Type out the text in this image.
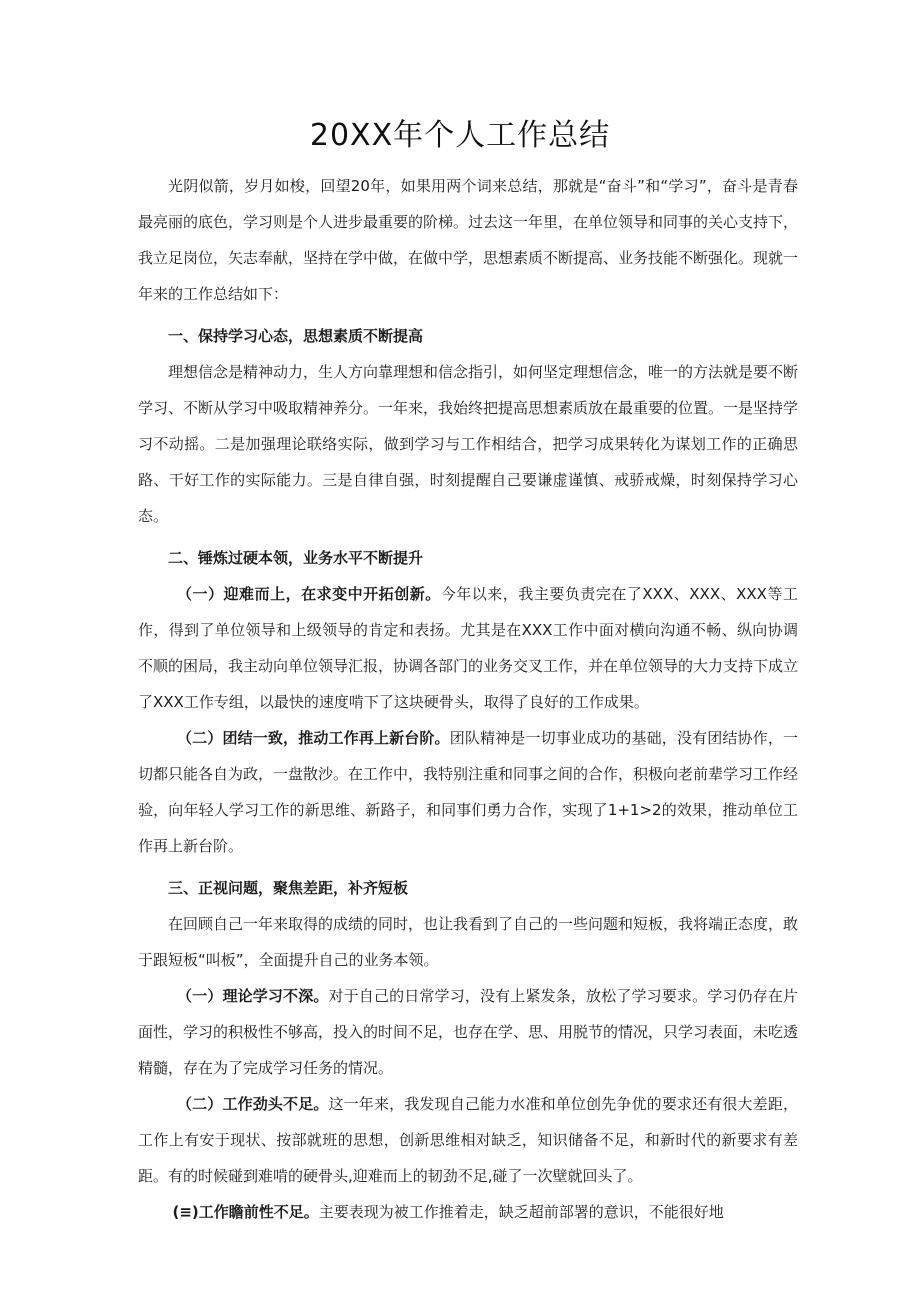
20XX年个人工作总结

光阴似箭，岁月如梭，回望20年，如果用两个词来总结，那就是“奋斗”和“学习”，奋斗是青春最亮丽的底色，学习则是个人进步最重要的阶梯。过去这一年里，在单位领导和同事的关心支持下，我立足岗位，矢志奉献，坚持在学中做，在做中学，思想素质不断提高、业务技能不断强化。现就一年来的工作总结如下：

一、保持学习心态，思想素质不断提高

理想信念是精神动力，生人方向靠理想和信念指引，如何坚定理想信念，唯一的方法就是要不断学习、不断从学习中吸取精神养分。一年来，我始终把提高思想素质放在最重要的位置。一是坚持学习不动摇。二是加强理论联络实际，做到学习与工作相结合，把学习成果转化为谋划工作的正确思路、干好工作的实际能力。三是自律自强，时刻提醒自己要谦虚谨慎、戒骄戒燥，时刻保持学习心态。

二、锤炼过硬本领，业务水平不断提升

（一）迎难而上，在求变中开拓创新。今年以来，我主要负责完在了XXX、XXX、XXX等工作，得到了单位领导和上级领导的肯定和表扬。尤其是在XXX工作中面对横向沟通不畅、纵向协调不顺的困局，我主动向单位领导汇报，协调各部门的业务交叉工作，并在单位领导的大力支持下成立了XXX工作专组，以最快的速度啃下了这块硬骨头，取得了良好的工作成果。

（二）团结一致，推动工作再上新台阶。团队精神是一切事业成功的基础，没有团结协作，一切都只能各自为政，一盘散沙。在工作中，我特别注重和同事之间的合作，积极向老前辈学习工作经验，向年轻人学习工作的新思维、新路子，和同事们勇力合作，实现了1+1>2的效果，推动单位工作再上新台阶。

三、正视问题，聚焦差距，补齐短板

在回顾自己一年来取得的成绩的同时，也让我看到了自己的一些问题和短板，我将端正态度，敢于跟短板“叫板”，全面提升自己的业务本领。

（一）理论学习不深。对于自己的日常学习，没有上紧发条，放松了学习要求。学习仍存在片面性，学习的积极性不够高，投入的时间不足，也存在学、思、用脱节的情况，只学习表面，未吃透精髓，存在为了完成学习任务的情况。

（二）工作劲头不足。这一年来，我发现自己能力水准和单位创先争优的要求还有很大差距，工作上有安于现状、按部就班的思想，创新思维相对缺乏，知识储备不足，和新时代的新要求有差距。有的时候碰到难啃的硬骨头,迎难而上的韧劲不足,碰了一次壁就回头了。

(≡)工作瞻前性不足。主要表现为被工作推着走，缺乏超前部署的意识，不能很好地
